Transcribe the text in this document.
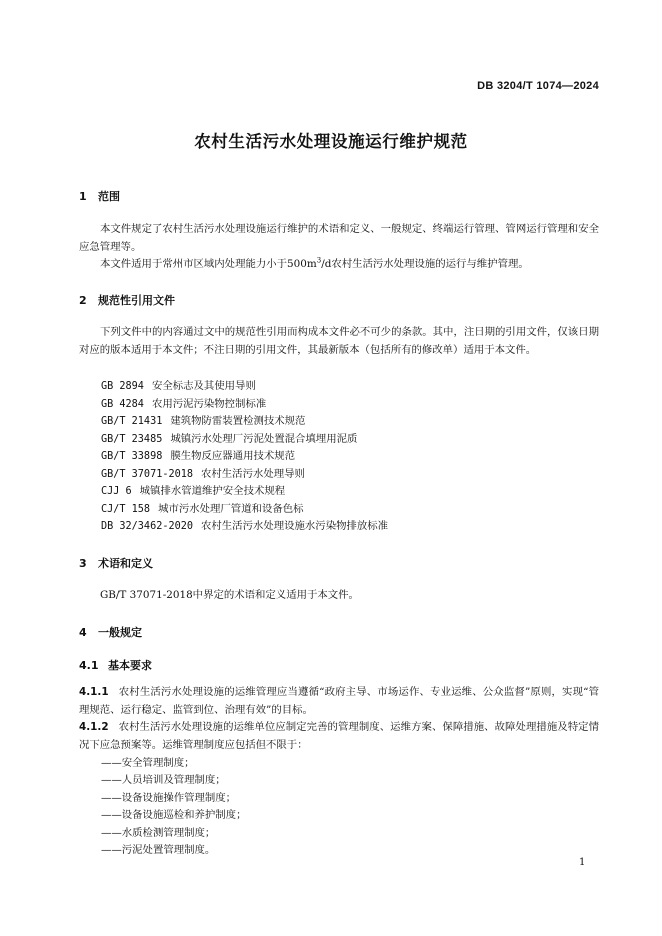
DB 3204/T 1074—2024
农村生活污水处理设施运行维护规范
1 范围
本文件规定了农村生活污水处理设施运行维护的术语和定义、一般规定、终端运行管理、管网运行管理和安全应急管理等。
本文件适用于常州市区域内处理能力小于$500m^3/d$农村生活污水处理设施的运行与维护管理。
2 规范性引用文件
下列文件中的内容通过文中的规范性引用而构成本文件必不可少的条款。其中，注日期的引用文件，仅该日期对应的版本适用于本文件；不注日期的引用文件，其最新版本（包括所有的修改单）适用于本文件。
GB 2894 安全标志及其使用导则
GB 4284 农用污泥污染物控制标准
GB/T 21431 建筑物防雷装置检测技术规范
GB/T 23485 城镇污水处理厂污泥处置混合填埋用泥质
GB/T 33898 膜生物反应器通用技术规范
GB/T 37071-2018 农村生活污水处理导则
CJJ 6 城镇排水管道维护安全技术规程
CJ/T 158 城市污水处理厂管道和设备色标
DB 32/3462-2020 农村生活污水处理设施水污染物排放标准
3 术语和定义
GB/T 37071-2018中界定的术语和定义适用于本文件。
4 一般规定
4.1 基本要求
4.1.1 农村生活污水处理设施的运维管理应当遵循“政府主导、市场运作、专业运维、公众监督”原则，实现“管理规范、运行稳定、监管到位、治理有效”的目标。
4.1.2 农村生活污水处理设施的运维单位应制定完善的管理制度、运维方案、保障措施、故障处理措施及特定情况下应急预案等。运维管理制度应包括但不限于：
——安全管理制度；
——人员培训及管理制度；
——设备设施操作管理制度；
——设备设施巡检和养护制度；
——水质检测管理制度；
——污泥处置管理制度。
1
